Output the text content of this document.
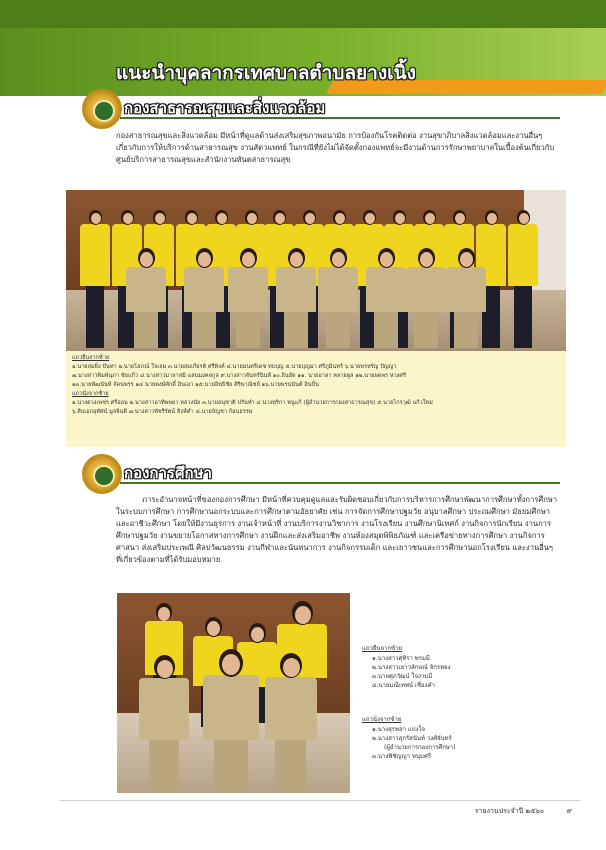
แนะนำบุคลากรเทศบาลตำบลยางเนิ้ง
กองสาธารณสุขและสิ่งแวดล้อม
กองสาธารณสุขและสิ่งแวดล้อม มีหน้าที่ดูแลด้านส่งเสริมสุขภาพอนามัย การป้องกันโรคติดต่อ งานสุขาภิบาลสิ่งแวดล้อมและงานอื่นๆ เกี่ยวกับการให้บริการด้านสาธารณสุข งานสัตวแพทย์ ในกรณีที่ยังไม่ได้จัดตั้งกองแพทย์จะมีงานด้านการรักษาพยาบาลในเบื้องต้นเกี่ยวกับศูนย์บริการสาธารณสุขและสำนักงานทันตสาธารณสุข
แถวยืนจากซ้าย
๑.นายสมยิ่ง ปันทา ๒.นายโสภณ์ ใจเลม ๓.นายสมเกียรติ ศรีพิงค์ ๔.นายมนตรีเดช ทบบุญ ๕.นายบุญมา ศรีภูมินทร์ ๖.นายพรหรัญ ปัญญา
๗.นางสาวพิมพ์นุภา ชัยแก้ว ๘.นางสาวมาลาสมิ แสนมงคลกูล ๙.นางสาวจันทร์นินท์ ๑๐.อินยัด ๑๑. นายอาลา หลายผูล ๑๒.นายผดพร หวงศรี
๑๓.นายพัฒนันท์ จัดนพรร ๑๔.นายพงษ์ศักดิ์ อินเอา ๑๕.นายอิทธิชัย ศิริพาณิชย์ ๑๖.นายพรนนันต์ อินปั๋น
แถวนั่งจากซ้าย
๑.นางตวงเพชร ศรีอ่อน ๒.นางสาวอาทิพพยา หลวงนัย ๓.นายอนุชาติ ปรันทำ ๔.นางทุริกา หนูแก้ (ผู้อำนวยการกองสาธารณสุข) ๕.นายไกรวุฒิ แก้วใหม่
๖.สิบเอกอุทัศน์ มูลจินตี ๗.นางสาวพัชรีรัตน์ สิงห์คำ ๘.นายบัญชา ก้อนธรรม
กองการศึกษา
ภาระอำนาจหน้าที่ของกองการศึกษา มีหน้าที่ควบคุมดูแลและรับผิดชอบเกี่ยวกับการบริหารการศึกษาพัฒนาการศึกษาทั้งการศึกษาในระบบการศึกษา การศึกษานอกระบบและการศึกษาตามอัธยาศัย เช่น การจัดการศึกษาปฐมวัย อนุบาลศึกษา ประถมศึกษา มัธยมศึกษาและอาชีวะศึกษา โดยให้มีงานธุรการ งานเจ้าหน้าที่ งานบริการงานวิชาการ งานโรงเรียน งานศึกษานิเทศก์ งานกิจการนักเรียน งานการศึกษาปฐมวัย งานขยายโอกาสทางการศึกษา งานฝึกและส่งเสริมอาชีพ งานห้องสมุดพิพิธภัณฑ์ และเครือข่ายทางการศึกษา งานกิจการศาสนา ส่งเสริมประเพณี ศิลปวัฒนธรรม งานกีฬาและนันทนาการ งานกิจกรรมเด็ก และเยาวชนและการศึกษานอกโรงเรียน และงานอื่นๆ ที่เกี่ยวข้องตามที่ได้รับมอบหมาย
แถวยืนจากซ้าย
๑.นางสาวศุทิรา พรมมี
๒.นางสาวเยาวลักษณ์ จักรทอง
๓.นายศุภวัฒน์ ใจงามมี
๔.นายมณีเทพน์ เชื่องคำ
แถวนั่งจากซ้าย
๑.นางสุรพลา แปงใจ
๒.นางสาวสุกรัสนันท์ วงศ์จันทร์
(ผู้อำนวยการกองการศึกษา)
๓.นางพิชัญญา หนุ่มศรี
รายงานประจำปี ๒๕๖๐	๙
